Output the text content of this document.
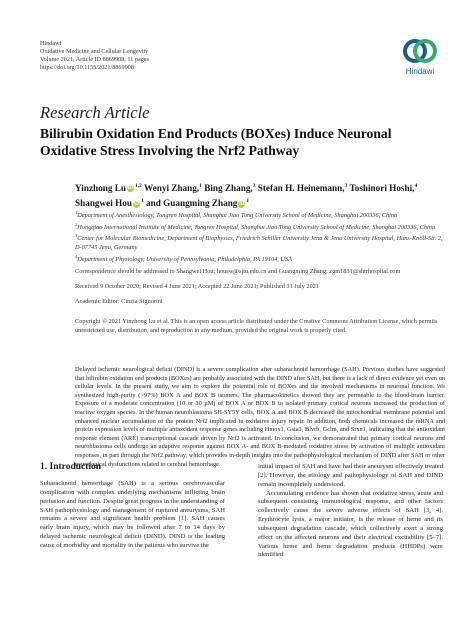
Hindawi
Oxidative Medicine and Cellular Longevity
Volume 2021, Article ID 8869908, 11 pages
https://doi.org/10.1155/2021/8869908	Hindawi
Research Article
Bilirubin Oxidation End Products (BOXes) Induce Neuronal Oxidative Stress Involving the Nrf2 Pathway
Yinzhong Lu iD $^{1,2}$ Wenyi Zhang,$^1$ Bing Zhang,$^3$ Stefan H. Heinemann,$^3$ Toshinori Hoshi,$^4$
Shangwei Hou iD $^1$ and Guangming Zhang iD $^1$
$^1$Department of Anesthesiology, Tongren Hospital, Shanghai Jiao Tong University School of Medicine, Shanghai 200336, China
$^2$Hongqiao International Institute of Medicine, Tongren Hospital, Shanghai Jiao Tong University School of Medicine, Shanghai 200336, China
$^3$Center for Molecular Biomedicine, Department of Biophysics, Friedrich Schiller University Jena & Jena University Hospital, Hans-Knöll-Str. 2, D-07745 Jena, Germany
$^4$Department of Physiology, University of Pennsylvania, Philadelphia, PA 19104, USA
Correspondence should be addressed to Shangwei Hou; housw@sjtu.edu.cn and Guangming Zhang; zgm1831@shtrhospital.com
Received 9 October 2020; Revised 4 June 2021; Accepted 22 June 2021; Published 31 July 2021
Academic Editor: Cinzia Signorini
Copyright © 2021 Yinzhong Lu et al. This is an open access article distributed under the Creative Commons Attribution License, which permits unrestricted use, distribution, and reproduction in any medium, provided the original work is properly cited.
Delayed ischemic neurological deficit (DIND) is a severe complication after subarachnoid hemorrhage (SAH). Previous studies have suggested that bilirubin oxidation end products (BOXes) are probably associated with the DIND after SAH, but there is a lack of direct evidence yet even on cellular levels. In the present study, we aim to explore the potential role of BOXes and the involved mechanisms in neuronal function. We synthesized high-purity (>97%) BOX A and BOX B isomers. The pharmacokinetics showed they are permeable to the blood-brain barrier. Exposure of a moderate concentration (10 or 30 μM) of BOX A or BOX B to isolated primary cortical neurons increased the production of reactive oxygen species. In the human neuroblastoma SH-SY5Y cells, BOX A and BOX B decreased the mitochondrial membrane potential and enhanced nuclear accumulation of the protein Nrf2 implicated in oxidative injury repair. In addition, both chemicals increased the mRNA and protein expression levels of multiple antioxidant response genes including Hmox1, Gsta3, Blvrb, Gclm, and Srxn1, indicating that the antioxidant response element (ARE) transcriptional cascade driven by Nrf2 is activated. In conclusion, we demonstrated that primary cortical neurons and neuroblastoma cells undergo an adaptive response against BOX A- and BOX B-mediated oxidative stress by activation of multiple antioxidant responses, in part through the Nrf2 pathway, which provides in-depth insights into the pathophysiological mechanism of DIND after SAH or other neurological dysfunctions related to cerebral hemorrhage.
1. Introduction

Subarachnoid hemorrhage (SAH) is a serious cerebrovascular complication with complex underlying mechanisms inflicting brain perfusion and function. Despite great progress in the understanding of SAH pathophysiology and management of ruptured aneurysms, SAH remains a severe and significant health problem [1]. SAH causes early brain injury, which may be followed after 7 to 14 days by delayed ischemic neurological deficit (DIND). DIND is the leading cause of morbidity and mortality in the patients who survive the

initial impact of SAH and have had their aneurysm effectively treated [2]. However, the etiology and pathophysiology of SAH and DIND remain incompletely understood.

Accumulating evidence has shown that oxidative stress, acute and subsequent consisting immunological response, and other factors collectively cause the severe adverse effects of SAH [3, 4]. Erythrocyte lysis, a major initiator, is the release of heme and its subsequent degradation cascade, which collectively exert a strong effect on the affected neurons and their electrical excitability [5–7]. Various heme and heme degradation products (HHDPs) were identified
